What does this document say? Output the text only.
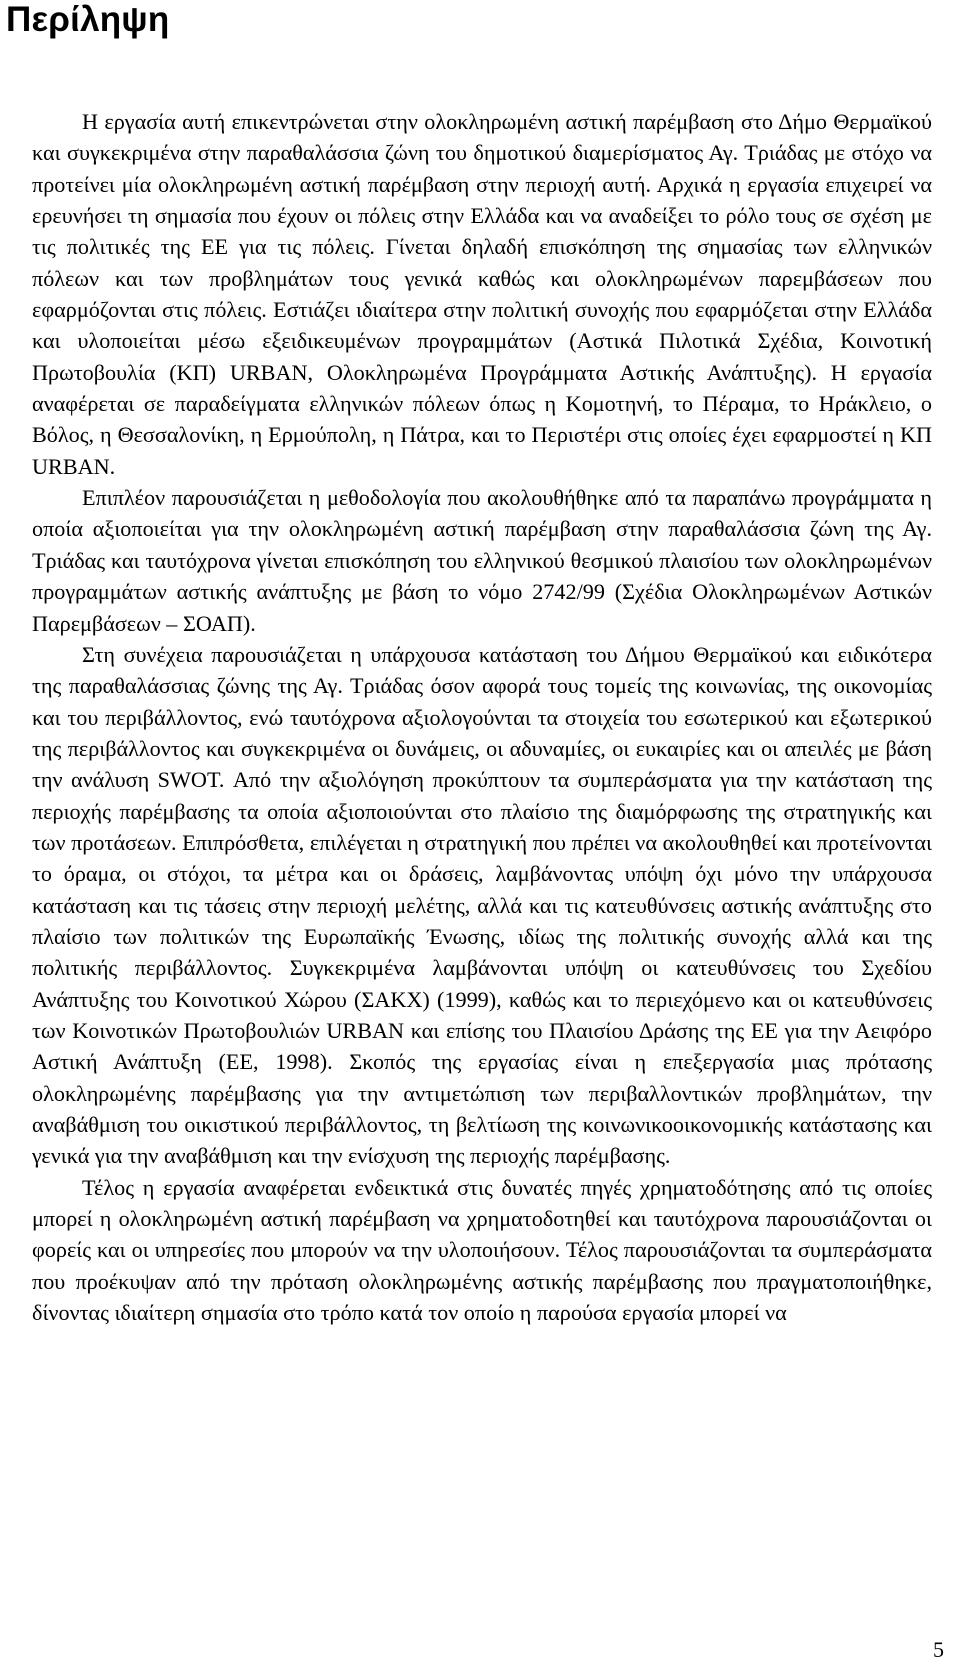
Περίληψη

Η εργασία αυτή επικεντρώνεται στην ολοκληρωμένη αστική παρέμβαση στο Δήμο Θερμαϊκού και συγκεκριμένα στην παραθαλάσσια ζώνη του δημοτικού διαμερίσματος Αγ. Τριάδας με στόχο να προτείνει μία ολοκληρωμένη αστική παρέμβαση στην περιοχή αυτή. Αρχικά η εργασία επιχειρεί να ερευνήσει τη σημασία που έχουν οι πόλεις στην Ελλάδα και να αναδείξει το ρόλο τους σε σχέση με τις πολιτικές της ΕΕ για τις πόλεις. Γίνεται δηλαδή επισκόπηση της σημασίας των ελληνικών πόλεων και των προβλημάτων τους γενικά καθώς και ολοκληρωμένων παρεμβάσεων που εφαρμόζονται στις πόλεις. Εστιάζει ιδιαίτερα στην πολιτική συνοχής που εφαρμόζεται στην Ελλάδα και υλοποιείται μέσω εξειδικευμένων προγραμμάτων (Αστικά Πιλοτικά Σχέδια, Κοινοτική Πρωτοβουλία (ΚΠ) URBAN, Ολοκληρωμένα Προγράμματα Αστικής Ανάπτυξης). Η εργασία αναφέρεται σε παραδείγματα ελληνικών πόλεων όπως η Κομοτηνή, το Πέραμα, το Ηράκλειο, ο Βόλος, η Θεσσαλονίκη, η Ερμούπολη, η Πάτρα, και το Περιστέρι στις οποίες έχει εφαρμοστεί η ΚΠ URBAN.

Επιπλέον παρουσιάζεται η μεθοδολογία που ακολουθήθηκε από τα παραπάνω προγράμματα η οποία αξιοποιείται για την ολοκληρωμένη αστική παρέμβαση στην παραθαλάσσια ζώνη της Αγ. Τριάδας και ταυτόχρονα γίνεται επισκόπηση του ελληνικού θεσμικού πλαισίου των ολοκληρωμένων προγραμμάτων αστικής ανάπτυξης με βάση το νόμο 2742/99 (Σχέδια Ολοκληρωμένων Αστικών Παρεμβάσεων – ΣΟΑΠ).

Στη συνέχεια παρουσιάζεται η υπάρχουσα κατάσταση του Δήμου Θερμαϊκού και ειδικότερα της παραθαλάσσιας ζώνης της Αγ. Τριάδας όσον αφορά τους τομείς της κοινωνίας, της οικονομίας και του περιβάλλοντος, ενώ ταυτόχρονα αξιολογούνται τα στοιχεία του εσωτερικού και εξωτερικού της περιβάλλοντος και συγκεκριμένα οι δυνάμεις, οι αδυναμίες, οι ευκαιρίες και οι απειλές με βάση την ανάλυση SWOT. Από την αξιολόγηση προκύπτουν τα συμπεράσματα για την κατάσταση της περιοχής παρέμβασης τα οποία αξιοποιούνται στο πλαίσιο της διαμόρφωσης της στρατηγικής και των προτάσεων. Επιπρόσθετα, επιλέγεται η στρατηγική που πρέπει να ακολουθηθεί και προτείνονται το όραμα, οι στόχοι, τα μέτρα και οι δράσεις, λαμβάνοντας υπόψη όχι μόνο την υπάρχουσα κατάσταση και τις τάσεις στην περιοχή μελέτης, αλλά και τις κατευθύνσεις αστικής ανάπτυξης στο πλαίσιο των πολιτικών της Ευρωπαϊκής Ένωσης, ιδίως της πολιτικής συνοχής αλλά και της πολιτικής περιβάλλοντος. Συγκεκριμένα λαμβάνονται υπόψη οι κατευθύνσεις του Σχεδίου Ανάπτυξης του Κοινοτικού Χώρου (ΣΑΚΧ) (1999), καθώς και το περιεχόμενο και οι κατευθύνσεις των Κοινοτικών Πρωτοβουλιών URBAN και επίσης του Πλαισίου Δράσης της ΕΕ για την Αειφόρο Αστική Ανάπτυξη (ΕΕ, 1998). Σκοπός της εργασίας είναι η επεξεργασία μιας πρότασης ολοκληρωμένης παρέμβασης για την αντιμετώπιση των περιβαλλοντικών προβλημάτων, την αναβάθμιση του οικιστικού περιβάλλοντος, τη βελτίωση της κοινωνικοοικονομικής κατάστασης και γενικά για την αναβάθμιση και την ενίσχυση της περιοχής παρέμβασης.

Τέλος η εργασία αναφέρεται ενδεικτικά στις δυνατές πηγές χρηματοδότησης από τις οποίες μπορεί η ολοκληρωμένη αστική παρέμβαση να χρηματοδοτηθεί και ταυτόχρονα παρουσιάζονται οι φορείς και οι υπηρεσίες που μπορούν να την υλοποιήσουν. Τέλος παρουσιάζονται τα συμπεράσματα που προέκυψαν από την πρόταση ολοκληρωμένης αστικής παρέμβασης που πραγματοποιήθηκε, δίνοντας ιδιαίτερη σημασία στο τρόπο κατά τον οποίο η παρούσα εργασία μπορεί να

5
